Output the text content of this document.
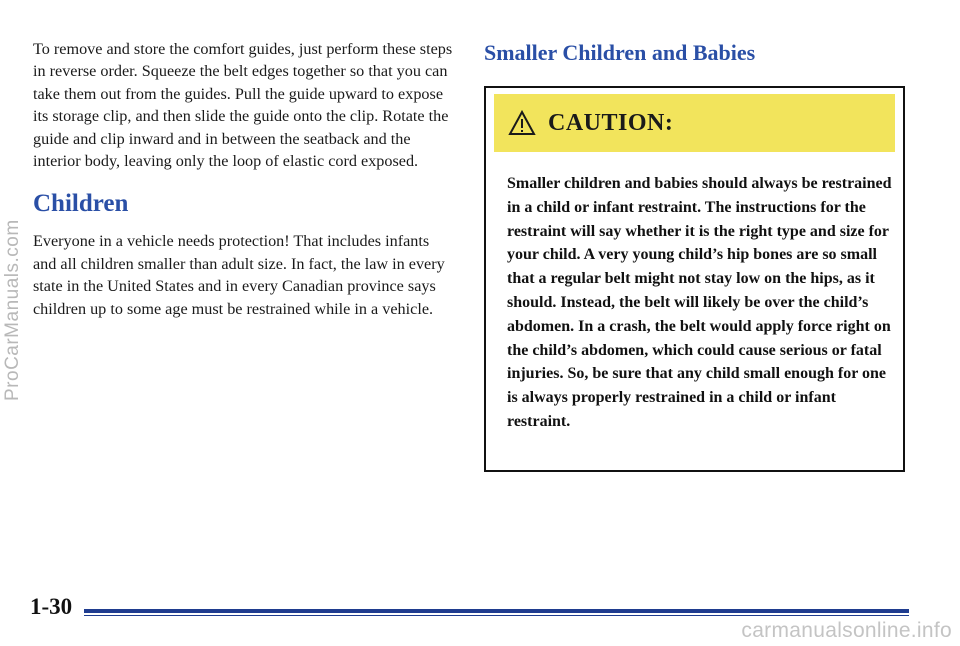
ProCarManuals.com

To remove and store the comfort guides, just perform these steps in reverse order. Squeeze the belt edges together so that you can take them out from the guides. Pull the guide upward to expose its storage clip, and then slide the guide onto the clip. Rotate the guide and clip inward and in between the seatback and the interior body, leaving only the loop of elastic cord exposed.

Children

Everyone in a vehicle needs protection! That includes infants and all children smaller than adult size. In fact, the law in every state in the United States and in every Canadian province says children up to some age must be restrained while in a vehicle.

Smaller Children and Babies
CAUTION:

Smaller children and babies should always be restrained in a child or infant restraint. The instructions for the restraint will say whether it is the right type and size for your child. A very young child’s hip bones are so small that a regular belt might not stay low on the hips, as it should. Instead, the belt will likely be over the child’s abdomen. In a crash, the belt would apply force right on the child’s abdomen, which could cause serious or fatal injuries. So, be sure that any child small enough for one is always properly restrained in a child or infant restraint.

1-30
carmanualsonline.info
